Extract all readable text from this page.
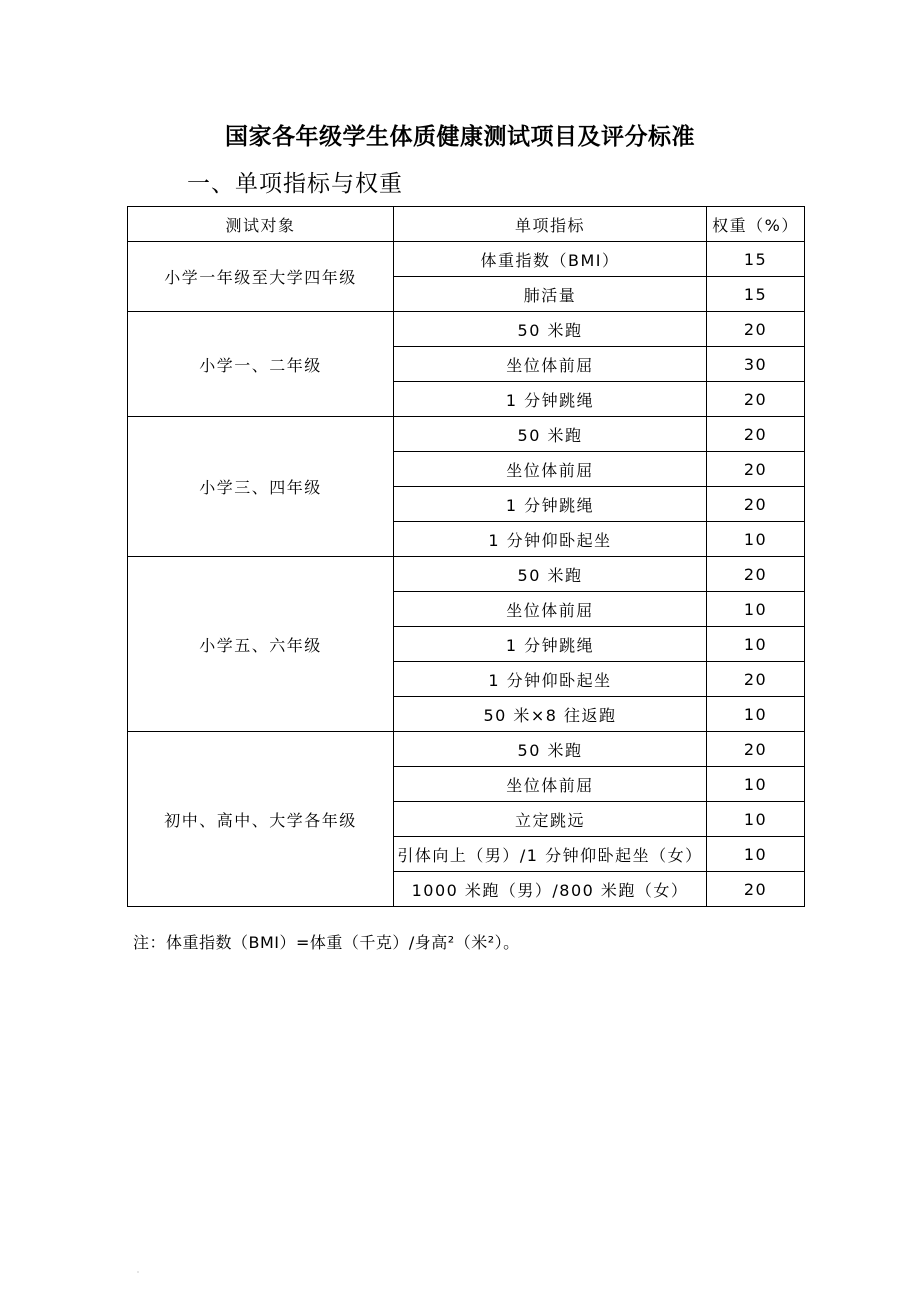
国家各年级学生体质健康测试项目及评分标准
一、单项指标与权重
测试对象	单项指标	权重（%）
小学一年级至大学四年级	体重指数（BMI）	15
	肺活量	15
小学一、二年级	50 米跑	20
	坐位体前屈	30
	1 分钟跳绳	20
小学三、四年级	50 米跑	20
	坐位体前屈	20
	1 分钟跳绳	20
	1 分钟仰卧起坐	10
小学五、六年级	50 米跑	20
	坐位体前屈	10
	1 分钟跳绳	10
	1 分钟仰卧起坐	20
	50 米×8 往返跑	10
初中、高中、大学各年级	50 米跑	20
	坐位体前屈	10
	立定跳远	10
	引体向上（男）/1 分钟仰卧起坐（女）	10
	1000 米跑（男）/800 米跑（女）	20
注：体重指数（BMI）=体重（千克）/身高²（米²）。
